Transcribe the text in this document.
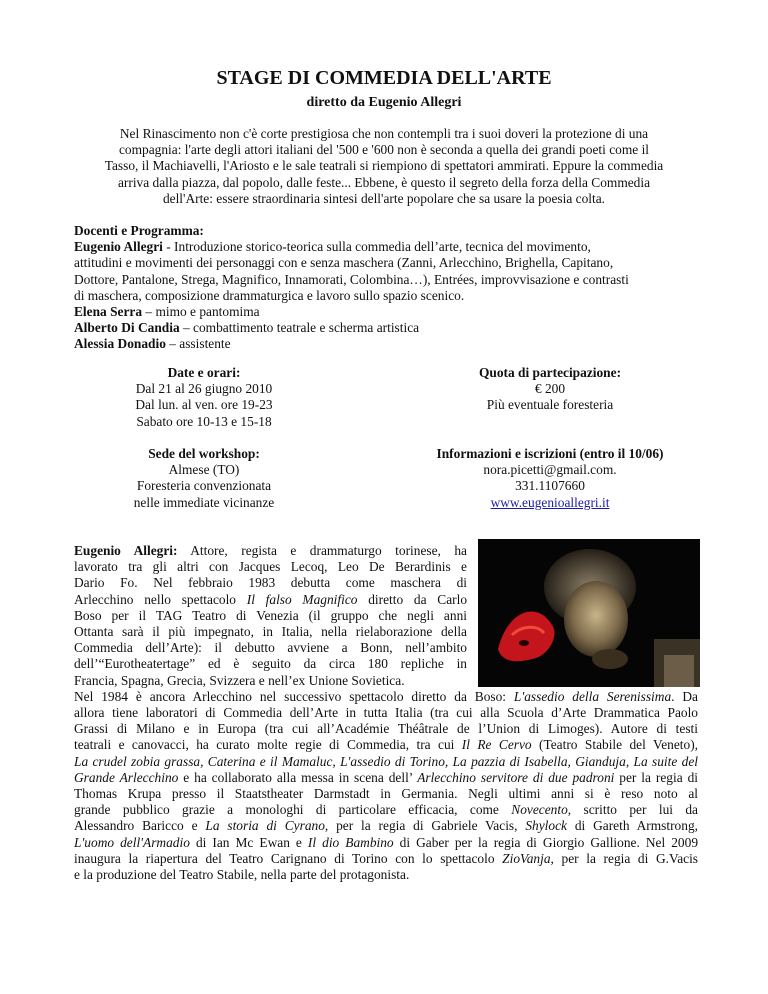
STAGE DI COMMEDIA DELL'ARTE
diretto da Eugenio Allegri
Nel Rinascimento non c'è corte prestigiosa che non contempli tra i suoi doveri la protezione di una
compagnia: l'arte degli attori italiani del '500 e '600 non è seconda a quella dei grandi poeti come il
Tasso, il Machiavelli, l'Ariosto e le sale teatrali si riempiono di spettatori ammirati. Eppure la commedia
arriva dalla piazza, dal popolo, dalle feste... Ebbene, è questo il segreto della forza della Commedia
dell'Arte: essere straordinaria sintesi dell'arte popolare che sa usare la poesia colta.
Docenti e Programma:
Eugenio Allegri - Introduzione storico-teorica sulla commedia dell’arte, tecnica del movimento,
attitudini e movimenti dei personaggi con e senza maschera (Zanni, Arlecchino, Brighella, Capitano,
Dottore, Pantalone, Strega, Magnifico, Innamorati, Colombina…), Entrées, improvvisazione e contrasti
di maschera, composizione drammaturgica e lavoro sullo spazio scenico.
Elena Serra – mimo e pantomima
Alberto Di Candia – combattimento teatrale e scherma artistica
Alessia Donadio – assistente
Date e orari:
Dal 21 al 26 giugno 2010
Dal lun. al ven. ore 19-23
Sabato ore 10-13 e 15-18
Quota di partecipazione:
€ 200
Più eventuale foresteria
Sede del workshop:
Almese (TO)
Foresteria convenzionata
nelle immediate vicinanze
Informazioni e iscrizioni (entro il 10/06)
nora.picetti@gmail.com.
331.1107660
www.eugenioallegri.it
Eugenio Allegri: Attore, regista e drammaturgo torinese, ha
lavorato tra gli altri con Jacques Lecoq, Leo De Berardinis e
Dario Fo. Nel febbraio 1983 debutta come maschera di
Arlecchino nello spettacolo Il falso Magnifico diretto da Carlo
Boso per il TAG Teatro di Venezia (il gruppo che negli anni
Ottanta sarà il più impegnato, in Italia, nella rielaborazione della
Commedia dell’Arte): il debutto avviene a Bonn, nell’ambito
dell’“Eurotheatertage” ed è seguito da circa 180 repliche in
Francia, Spagna, Grecia, Svizzera e nell’ex Unione Sovietica.
Nel 1984 è ancora Arlecchino nel successivo spettacolo diretto da Boso: L'assedio della Serenissima. Da
allora tiene laboratori di Commedia dell’Arte in tutta Italia (tra cui alla Scuola d’Arte Drammatica Paolo
Grassi di Milano e in Europa (tra cui all’Académie Théâtrale de l’Union di Limoges). Autore di testi
teatrali e canovacci, ha curato molte regie di Commedia, tra cui Il Re Cervo (Teatro Stabile del Veneto),
La crudel zobia grassa, Caterina e il Mamaluc, L'assedio di Torino, La pazzia di Isabella, Gianduja, La suite del
Grande Arlecchino e ha collaborato alla messa in scena dell’ Arlecchino servitore di due padroni per la regia di
Thomas Krupa presso il Staatstheater Darmstadt in Germania. Negli ultimi anni si è reso noto al
grande pubblico grazie a monologhi di particolare efficacia, come Novecento, scritto per lui da
Alessandro Baricco e La storia di Cyrano, per la regia di Gabriele Vacis, Shylock di Gareth Armstrong,
L'uomo dell'Armadio di Ian Mc Ewan e Il dio Bambino di Gaber per la regia di Giorgio Gallione. Nel 2009
inaugura la riapertura del Teatro Carignano di Torino con lo spettacolo ZioVanja, per la regia di G.Vacis
e la produzione del Teatro Stabile, nella parte del protagonista.
